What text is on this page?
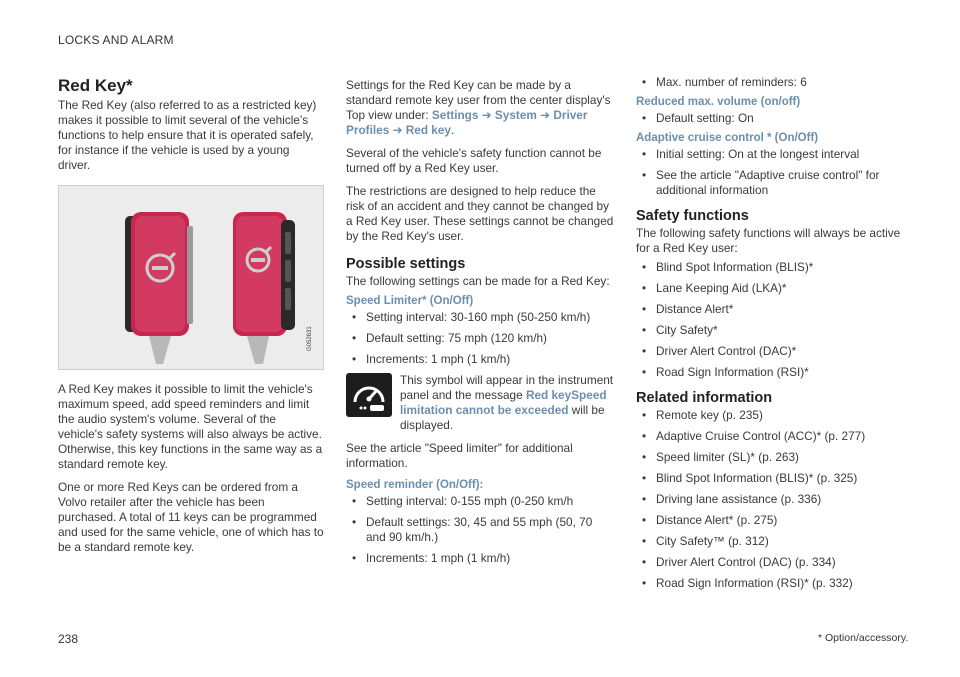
LOCKS AND ALARM
Red Key*

The Red Key (also referred to as a restricted key) makes it possible to limit several of the vehicle's functions to help ensure that it is operated safely, for instance if the vehicle is used by a young driver.

G052631

A Red Key makes it possible to limit the vehicle's maximum speed, add speed reminders and limit the audio system's volume. Several of the vehicle's safety systems will also always be active. Otherwise, this key functions in the same way as a standard remote key.

One or more Red Keys can be ordered from a Volvo retailer after the vehicle has been purchased. A total of 11 keys can be programmed and used for the same vehicle, one of which has to be a standard remote key.

Settings for the Red Key can be made by a standard remote key user from the center display's Top view under: Settings ➜ System ➜ Driver Profiles ➜ Red key.

Several of the vehicle's safety function cannot be turned off by a Red Key user.

The restrictions are designed to help reduce the risk of an accident and they cannot be changed by a Red Key user. These settings cannot be changed by the Red Key's user.

Possible settings

The following settings can be made for a Red Key:

Speed Limiter* (On/Off)
• Setting interval: 30-160 mph (50-250 km/h)
• Default setting: 75 mph (120 km/h)
• Increments: 1 mph (1 km/h)

This symbol will appear in the instrument panel and the message Red keySpeed limitation cannot be exceeded will be displayed.

See the article "Speed limiter" for additional information.

Speed reminder (On/Off):
• Setting interval: 0-155 mph (0-250 km/h
• Default settings: 30, 45 and 55 mph (50, 70 and 90 km/h.)
• Increments: 1 mph (1 km/h)
• Max. number of reminders: 6
Reduced max. volume (on/off)
• Default setting: On
Adaptive cruise control * (On/Off)
• Initial setting: On at the longest interval
• See the article "Adaptive cruise control" for additional information
Safety functions

The following safety functions will always be active for a Red Key user:

• Blind Spot Information (BLIS)*
• Lane Keeping Aid (LKA)*
• Distance Alert*
• City Safety*
• Driver Alert Control (DAC)*
• Road Sign Information (RSI)*
Related information
• Remote key (p. 235)
• Adaptive Cruise Control (ACC)* (p. 277)
• Speed limiter (SL)* (p. 263)
• Blind Spot Information (BLIS)* (p. 325)
• Driving lane assistance (p. 336)
• Distance Alert* (p. 275)
• City Safety™ (p. 312)
• Driver Alert Control (DAC) (p. 334)
• Road Sign Information (RSI)* (p. 332)
238	* Option/accessory.
